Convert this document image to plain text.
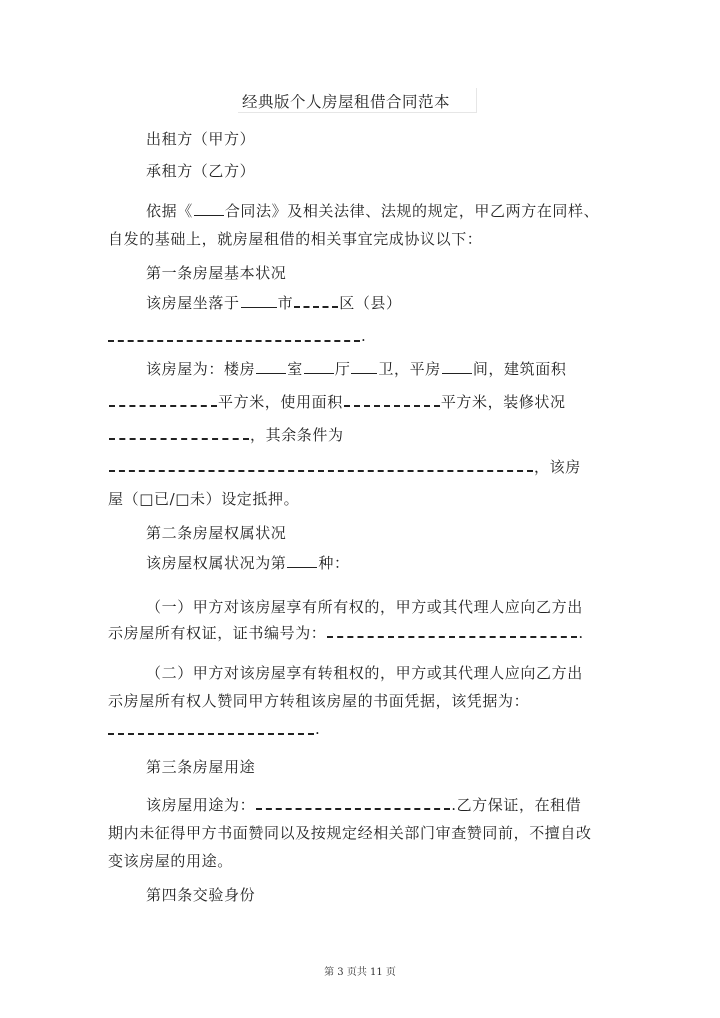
经典版个人房屋租借合同范本
出租方（甲方）
承租方（乙方）
依据《 合同法》及相关法律、法规的规定，甲乙两方在同样、
自发的基础上，就房屋租借的相关事宜完成协议以下：
第一条房屋基本状况
该房屋坐落于	市	区（县）
.
该房屋为：楼房 室 厅 卫，平房 间，建筑面积
平方米，使用面积	平方米，装修状况
，其余条件为
，该房
屋（□已/□未）设定抵押。
第二条房屋权属状况
该房屋权属状况为第 种：
（一）甲方对该房屋享有所有权的，甲方或其代理人应向乙方出
示房屋所有权证，证书编号为：	.
（二）甲方对该房屋享有转租权的，甲方或其代理人应向乙方出
示房屋所有权人赞同甲方转租该房屋的书面凭据，该凭据为：
.
第三条房屋用途
该房屋用途为：	.乙方保证，在租借
期内未征得甲方书面赞同以及按规定经相关部门审查赞同前，不擅自改
变该房屋的用途。
第四条交验身份
第 3 页共 11 页
